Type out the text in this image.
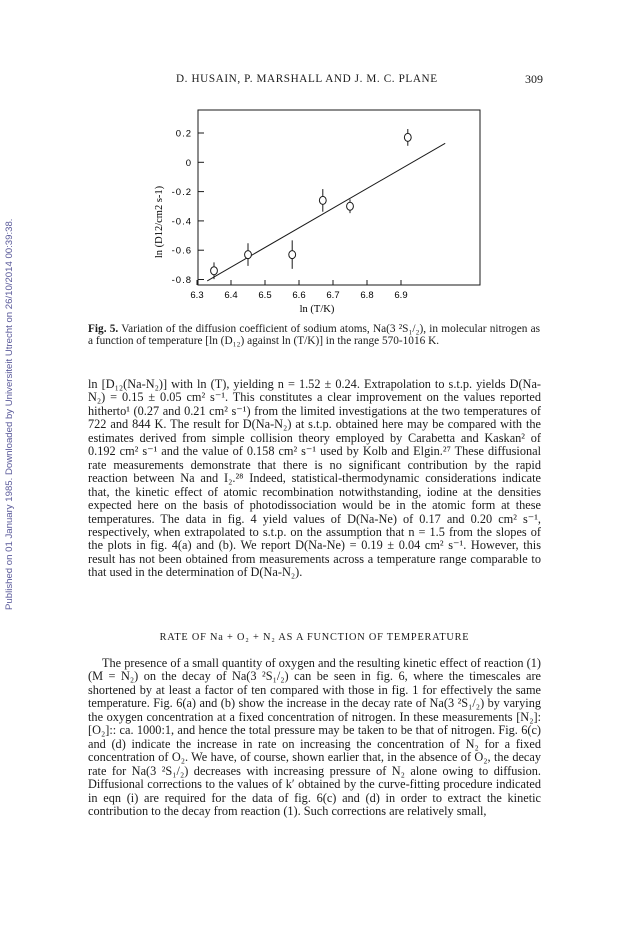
Published on 01 January 1985. Downloaded by Universiteit Utrecht on 26/10/2014 00:39:38.
D. HUSAIN, P. MARSHALL AND J. M. C. PLANE	309
0.2
0
-0.2
-0.4
-0.6
-0.8
6.3 6.4 6.5 6.6 6.7 6.8 6.9
ln (T/K)
ln (D12/cm2 s-1)
Fig. 5. Variation of the diffusion coefficient of sodium atoms, Na(3 ²S₁/₂), in molecular nitrogen as a function of temperature [ln (D₁₂) against ln (T/K)] in the range 570-1016 K.

ln [D₁₂(Na-N₂)] with ln (T), yielding n = 1.52 ± 0.24. Extrapolation to s.t.p. yields D(Na-N₂) = 0.15 ± 0.05 cm² s⁻¹. This constitutes a clear improvement on the values reported hitherto¹ (0.27 and 0.21 cm² s⁻¹) from the limited investigations at the two temperatures of 722 and 844 K. The result for D(Na-N₂) at s.t.p. obtained here may be compared with the estimates derived from simple collision theory employed by Carabetta and Kaskan² of 0.192 cm² s⁻¹ and the value of 0.158 cm² s⁻¹ used by Kolb and Elgin.²⁷ These diffusional rate measurements demonstrate that there is no significant contribution by the rapid reaction between Na and I₂.²⁸ Indeed, statistical-thermodynamic considerations indicate that, the kinetic effect of atomic recombination notwithstanding, iodine at the densities expected here on the basis of photodissociation would be in the atomic form at these temperatures. The data in fig. 4 yield values of D(Na-Ne) of 0.17 and 0.20 cm² s⁻¹, respectively, when extrapolated to s.t.p. on the assumption that n = 1.5 from the slopes of the plots in fig. 4(a) and (b). We report D(Na-Ne) = 0.19 ± 0.04 cm² s⁻¹. However, this result has not been obtained from measurements across a temperature range comparable to that used in the determination of D(Na-N₂).

RATE OF Na + O₂ + N₂ AS A FUNCTION OF TEMPERATURE

The presence of a small quantity of oxygen and the resulting kinetic effect of reaction (1) (M = N₂) on the decay of Na(3 ²S₁/₂) can be seen in fig. 6, where the timescales are shortened by at least a factor of ten compared with those in fig. 1 for effectively the same temperature. Fig. 6(a) and (b) show the increase in the decay rate of Na(3 ²S₁/₂) by varying the oxygen concentration at a fixed concentration of nitrogen. In these measurements [N₂]:[O₂]:: ca. 1000:1, and hence the total pressure may be taken to be that of nitrogen. Fig. 6(c) and (d) indicate the increase in rate on increasing the concentration of N₂ for a fixed concentration of O₂. We have, of course, shown earlier that, in the absence of O₂, the decay rate for Na(3 ²S₁/₂) decreases with increasing pressure of N₂ alone owing to diffusion. Diffusional corrections to the values of k′ obtained by the curve-fitting procedure indicated in eqn (i) are required for the data of fig. 6(c) and (d) in order to extract the kinetic contribution to the decay from reaction (1). Such corrections are relatively small,
